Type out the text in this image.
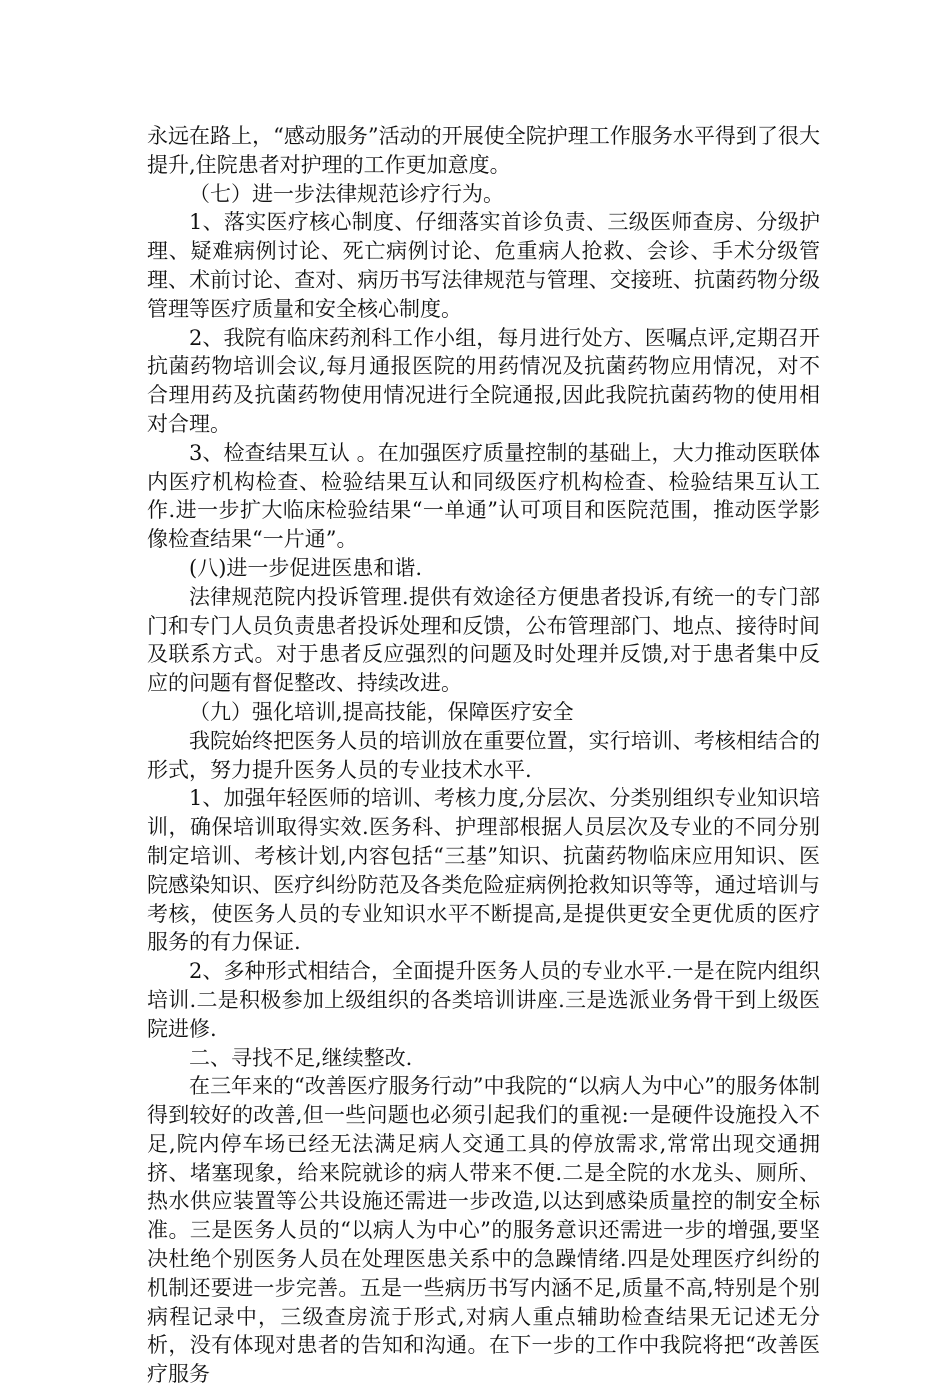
永远在路上，“感动服务”活动的开展使全院护理工作服务水平得到了很大提升,住院患者对护理的工作更加意度。

（七）进一步法律规范诊疗行为。

1、落实医疗核心制度、仔细落实首诊负责、三级医师查房、分级护理、疑难病例讨论、死亡病例讨论、危重病人抢救、会诊、手术分级管理、术前讨论、查对、病历书写法律规范与管理、交接班、抗菌药物分级管理等医疗质量和安全核心制度。

2、我院有临床药剂科工作小组，每月进行处方、医嘱点评,定期召开抗菌药物培训会议,每月通报医院的用药情况及抗菌药物应用情况，对不合理用药及抗菌药物使用情况进行全院通报,因此我院抗菌药物的使用相对合理。

3、检查结果互认 。在加强医疗质量控制的基础上，大力推动医联体内医疗机构检查、检验结果互认和同级医疗机构检查、检验结果互认工作.进一步扩大临床检验结果“一单通”认可项目和医院范围，推动医学影像检查结果“一片通”。

(八)进一步促进医患和谐.

法律规范院内投诉管理.提供有效途径方便患者投诉,有统一的专门部门和专门人员负责患者投诉处理和反馈，公布管理部门、地点、接待时间及联系方式。对于患者反应强烈的问题及时处理并反馈,对于患者集中反应的问题有督促整改、持续改进。

（九）强化培训,提高技能，保障医疗安全

我院始终把医务人员的培训放在重要位置，实行培训、考核相结合的形式，努力提升医务人员的专业技术水平.

1、加强年轻医师的培训、考核力度,分层次、分类别组织专业知识培训，确保培训取得实效.医务科、护理部根据人员层次及专业的不同分别制定培训、考核计划,内容包括“三基”知识、抗菌药物临床应用知识、医院感染知识、医疗纠纷防范及各类危险症病例抢救知识等等，通过培训与考核，使医务人员的专业知识水平不断提高,是提供更安全更优质的医疗服务的有力保证.

2、多种形式相结合，全面提升医务人员的专业水平.一是在院内组织培训.二是积极参加上级组织的各类培训讲座.三是选派业务骨干到上级医院进修.

二、寻找不足,继续整改.

在三年来的“改善医疗服务行动”中我院的“以病人为中心”的服务体制得到较好的改善,但一些问题也必须引起我们的重视:一是硬件设施投入不足,院内停车场已经无法满足病人交通工具的停放需求,常常出现交通拥挤、堵塞现象，给来院就诊的病人带来不便.二是全院的水龙头、厕所、热水供应装置等公共设施还需进一步改造,以达到感染质量控的制安全标准。三是医务人员的“以病人为中心”的服务意识还需进一步的增强,要坚决杜绝个别医务人员在处理医患关系中的急躁情绪.四是处理医疗纠纷的机制还要进一步完善。五是一些病历书写内涵不足,质量不高,特别是个别病程记录中，三级查房流于形式,对病人重点辅助检查结果无记述无分析，没有体现对患者的告知和沟通。在下一步的工作中我院将把“改善医疗服务
